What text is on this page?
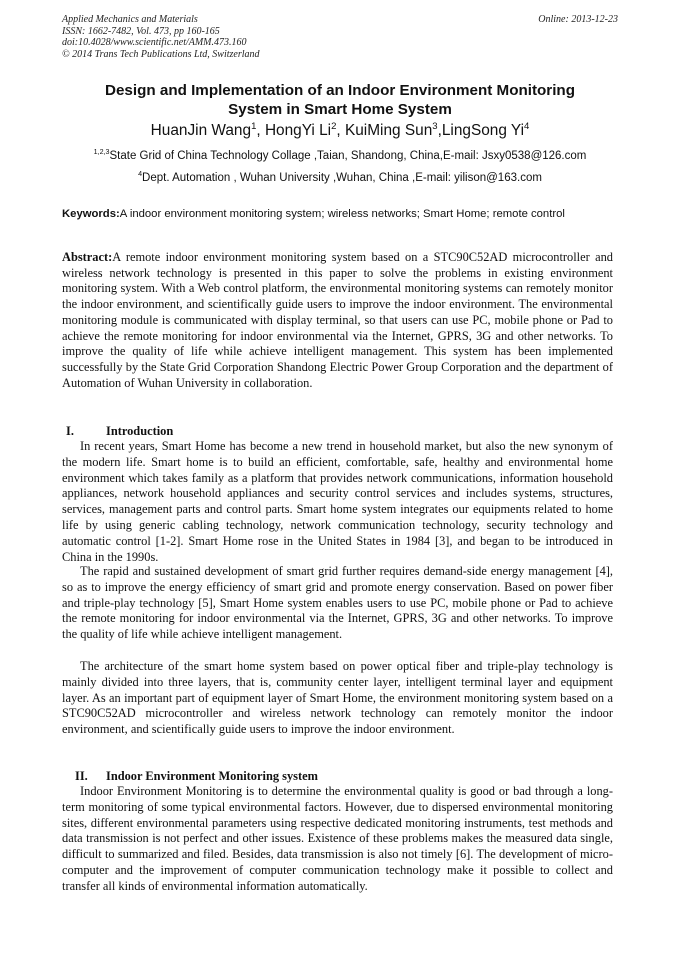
Applied Mechanics and Materials
ISSN: 1662-7482, Vol. 473, pp 160-165
doi:10.4028/www.scientific.net/AMM.473.160
© 2014 Trans Tech Publications Ltd, Switzerland
Online: 2013-12-23
Design and Implementation of an Indoor Environment Monitoring
System in Smart Home System
HuanJin Wang$^1$, HongYi Li$^2$, KuiMing Sun$^3$,LingSong Yi$^4$
$^{1,2,3}$State Grid of China Technology Collage ,Taian, Shandong, China,E-mail: Jsxy0538@126.com
$^4$Dept. Automation , Wuhan University ,Wuhan, China ,E-mail: yilison@163.com
Keywords:A indoor environment monitoring system; wireless networks; Smart Home; remote control

Abstract:A remote indoor environment monitoring system based on a STC90C52AD microcontroller and wireless network technology is presented in this paper to solve the problems in existing environment monitoring system. With a Web control platform, the environmental monitoring systems can remotely monitor the indoor environment, and scientifically guide users to improve the indoor environment. The environmental monitoring module is communicated with display terminal, so that users can use PC, mobile phone or Pad to achieve the remote monitoring for indoor environmental via the Internet, GPRS, 3G and other networks. To improve the quality of life while achieve intelligent management. This system has been implemented successfully by the State Grid Corporation Shandong Electric Power Group Corporation and the department of Automation of Wuhan University in collaboration.

I.	Introduction

In recent years, Smart Home has become a new trend in household market, but also the new synonym of the modern life. Smart home is to build an efficient, comfortable, safe, healthy and environmental home environment which takes family as a platform that provides network communications, information household appliances, network household appliances and security control services and includes systems, structures, services, management parts and control parts. Smart home system integrates our equipments related to home life by using generic cabling technology, network communication technology, security technology and automatic control [1-2]. Smart Home rose in the United States in 1984 [3], and began to be introduced in China in the 1990s.

The rapid and sustained development of smart grid further requires demand-side energy management [4], so as to improve the energy efficiency of smart grid and promote energy conservation. Based on power fiber and triple-play technology [5], Smart Home system enables users to use PC, mobile phone or Pad to achieve the remote monitoring for indoor environmental via the Internet, GPRS, 3G and other networks. To improve the quality of life while achieve intelligent management.

The architecture of the smart home system based on power optical fiber and triple-play technology is mainly divided into three layers, that is, community center layer, intelligent terminal layer and equipment layer. As an important part of equipment layer of Smart Home, the environment monitoring system based on a STC90C52AD microcontroller and wireless network technology can remotely monitor the indoor environment, and scientifically guide users to improve the indoor environment.

II. Indoor Environment Monitoring system

Indoor Environment Monitoring is to determine the environmental quality is good or bad through a long-term monitoring of some typical environmental factors. However, due to dispersed environmental monitoring sites, different environmental parameters using respective dedicated monitoring instruments, test methods and data transmission is not perfect and other issues. Existence of these problems makes the measured data single, difficult to summarized and filed. Besides, data transmission is also not timely [6]. The development of micro-computer and the improvement of computer communication technology make it possible to collect and transfer all kinds of environmental information automatically.
